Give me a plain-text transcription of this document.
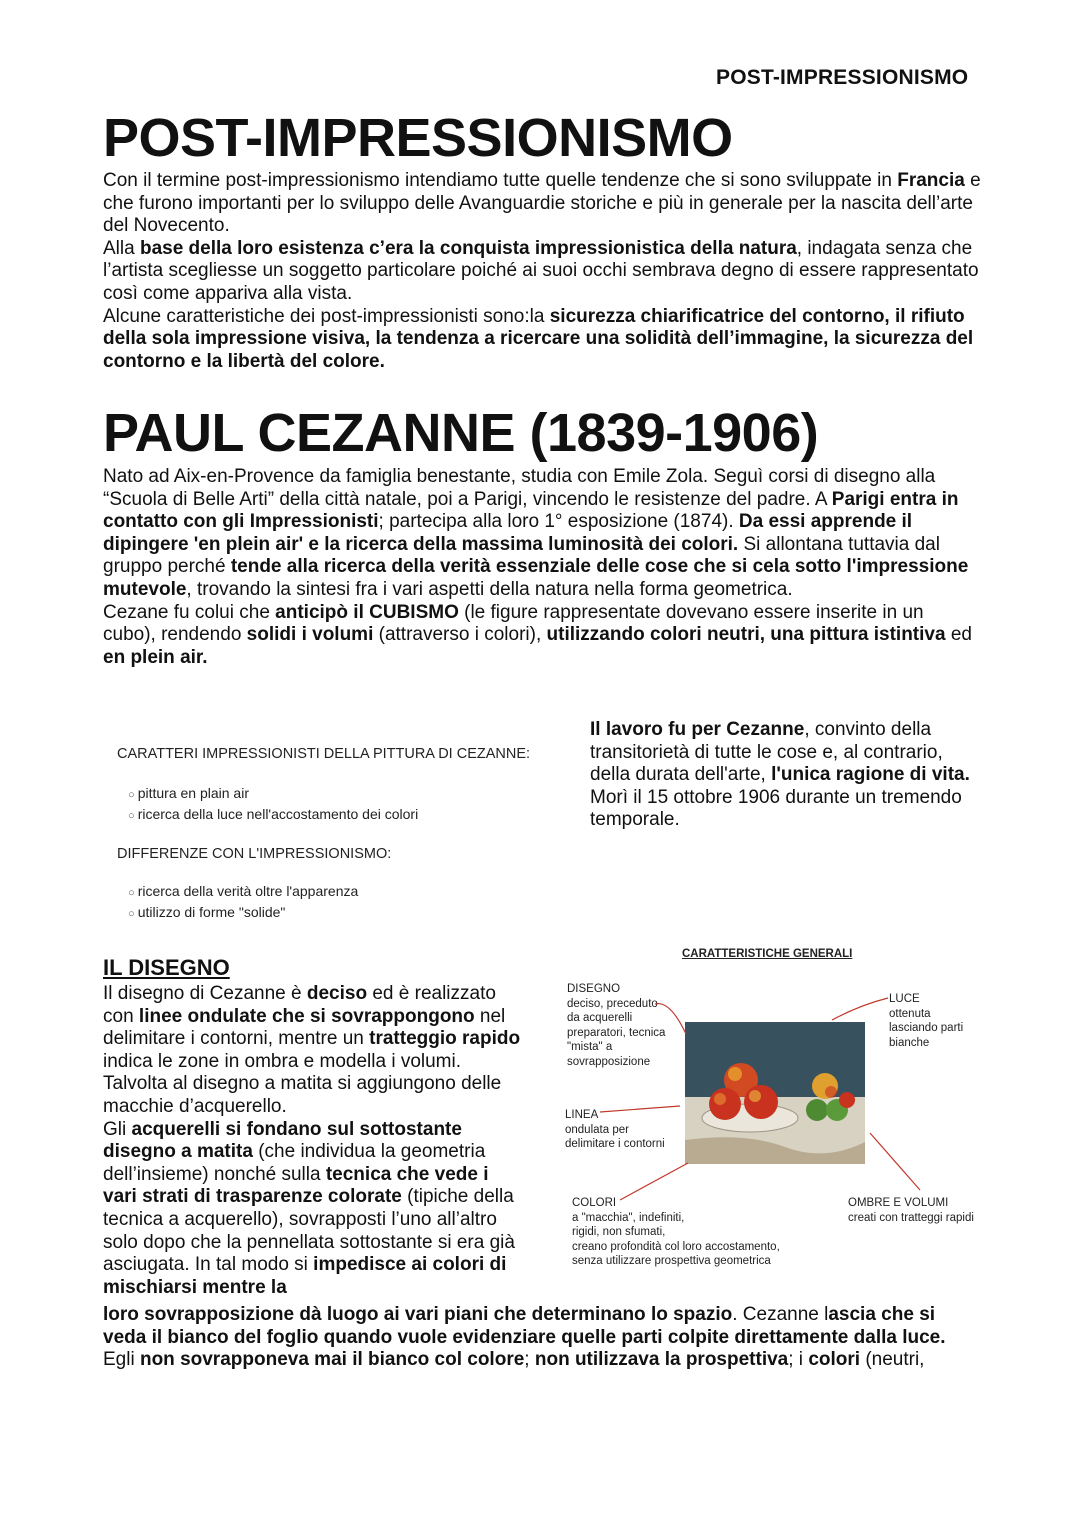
POST-IMPRESSIONISMO
POST-IMPRESSIONISMO

Con il termine post-impressionismo intendiamo tutte quelle tendenze che si sono sviluppate in Francia e che furono importanti per lo sviluppo delle Avanguardie storiche e più in generale per la nascita dell’arte del Novecento.

Alla base della loro esistenza c’era la conquista impressionistica della natura, indagata senza che l’artista scegliesse un soggetto particolare poiché ai suoi occhi sembrava degno di essere rappresentato così come appariva alla vista.

Alcune caratteristiche dei post-impressionisti sono:la sicurezza chiarificatrice del contorno, il rifiuto della sola impressione visiva, la tendenza a ricercare una solidità dell’immagine, la sicurezza del contorno e la libertà del colore.

PAUL CEZANNE (1839-1906)

Nato ad Aix-en-Provence da famiglia benestante, studia con Emile Zola. Seguì corsi di disegno alla “Scuola di Belle Arti” della città natale, poi a Parigi, vincendo le resistenze del padre. A Parigi entra in contatto con gli Impressionisti; partecipa alla loro 1° esposizione (1874). Da essi apprende il dipingere 'en plein air' e la ricerca della massima luminosità dei colori. Si allontana tuttavia dal gruppo perché tende alla ricerca della verità essenziale delle cose che si cela sotto l'impressione mutevole, trovando la sintesi fra i vari aspetti della natura nella forma geometrica.

Cezane fu colui che anticipò il CUBISMO (le figure rappresentate dovevano essere inserite in un cubo), rendendo solidi i volumi (attraverso i colori), utilizzando colori neutri, una pittura istintiva ed en plein air.

CARATTERI IMPRESSIONISTI DELLA PITTURA DI CEZANNE:
○ pittura en plain air
○ ricerca della luce nell'accostamento dei colori
DIFFERENZE CON L'IMPRESSIONISMO:
○ ricerca della verità oltre l'apparenza
○ utilizzo di forme "solide"

Il lavoro fu per Cezanne, convinto della transitorietà di tutte le cose e, al contrario, della durata dell'arte, l'unica ragione di vita.

Morì il 15 ottobre 1906 durante un tremendo temporale.

IL DISEGNO

Il disegno di Cezanne è deciso ed è realizzato con linee ondulate che si sovrappongono nel delimitare i contorni, mentre un tratteggio rapido indica le zone in ombra e modella i volumi. Talvolta al disegno a matita si aggiungono delle macchie d’acquerello.

Gli acquerelli si fondano sul sottostante disegno a matita (che individua la geometria dell’insieme) nonché sulla tecnica che vede i vari strati di trasparenze colorate (tipiche della tecnica a acquerello), sovrapposti l’uno all’altro solo dopo che la pennellata sottostante si era già asciugata. In tal modo si impedisce ai colori di mischiarsi mentre la

loro sovrapposizione dà luogo ai vari piani che determinano lo spazio. Cezanne lascia che si veda il bianco del foglio quando vuole evidenziare quelle parti colpite direttamente dalla luce.

Egli non sovrapponeva mai il bianco col colore; non utilizzava la prospettiva; i colori (neutri,

CARATTERISTICHE GENERALI
DISEGNO
deciso, preceduto
da acquerelli
preparatori, tecnica
"mista" a
sovrapposizione
LUCE
ottenuta
lasciando parti
bianche
LINEA
ondulata per
delimitare i contorni
COLORI
a "macchia", indefiniti,
rigidi, non sfumati,
creano profondità col loro accostamento,
senza utilizzare prospettiva geometrica
OMBRE E VOLUMI
creati con tratteggi rapidi
